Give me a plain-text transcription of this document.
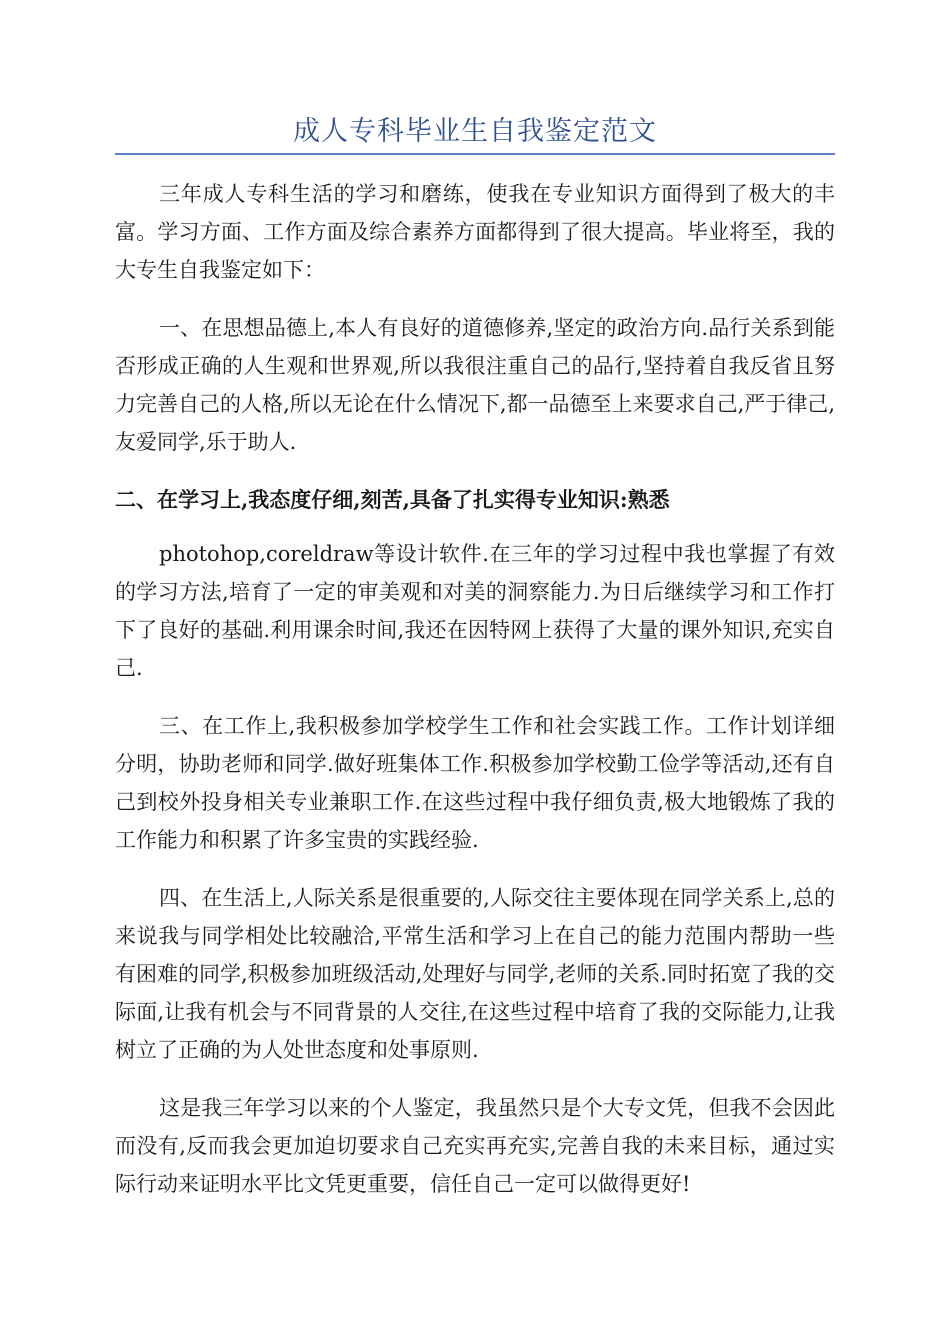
成人专科毕业生自我鉴定范文

三年成人专科生活的学习和磨练，使我在专业知识方面得到了极大的丰富。学习方面、工作方面及综合素养方面都得到了很大提高。毕业将至，我的大专生自我鉴定如下：

一、在思想品德上,本人有良好的道德修养,坚定的政治方向.品行关系到能否形成正确的人生观和世界观,所以我很注重自己的品行,坚持着自我反省且努力完善自己的人格,所以无论在什么情况下,都一品德至上来要求自己,严于律己,友爱同学,乐于助人.

二、在学习上,我态度仔细,刻苦,具备了扎实得专业知识:熟悉

photohop,coreldraw等设计软件.在三年的学习过程中我也掌握了有效的学习方法,培育了一定的审美观和对美的洞察能力.为日后继续学习和工作打下了良好的基础.利用课余时间,我还在因特网上获得了大量的课外知识,充实自己.

三、在工作上,我积极参加学校学生工作和社会实践工作。工作计划详细分明，协助老师和同学.做好班集体工作.积极参加学校勤工俭学等活动,还有自己到校外投身相关专业兼职工作.在这些过程中我仔细负责,极大地锻炼了我的工作能力和积累了许多宝贵的实践经验.

四、在生活上,人际关系是很重要的,人际交往主要体现在同学关系上,总的来说我与同学相处比较融洽,平常生活和学习上在自己的能力范围内帮助一些有困难的同学,积极参加班级活动,处理好与同学,老师的关系.同时拓宽了我的交际面,让我有机会与不同背景的人交往,在这些过程中培育了我的交际能力,让我树立了正确的为人处世态度和处事原则.

这是我三年学习以来的个人鉴定，我虽然只是个大专文凭，但我不会因此而没有,反而我会更加迫切要求自己充实再充实,完善自我的未来目标，通过实际行动来证明水平比文凭更重要，信任自己一定可以做得更好!
